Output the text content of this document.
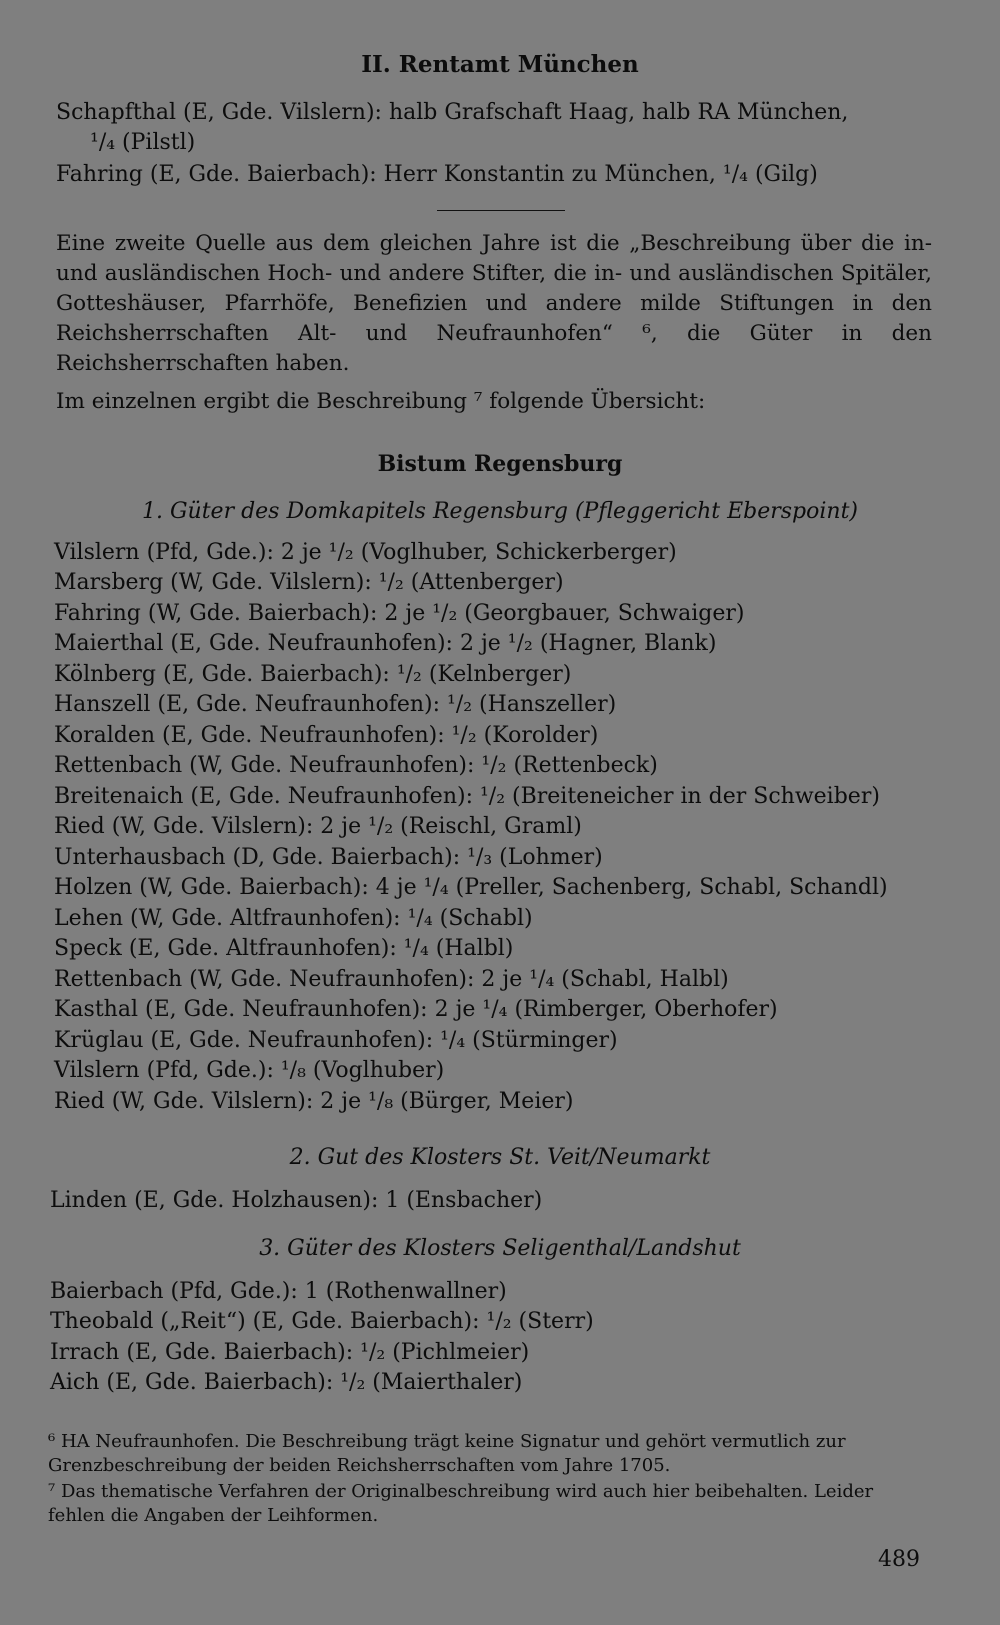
II. Rentamt München
Schapfthal (E, Gde. Vilslern): halb Grafschaft Haag, halb RA München,
¹/₄ (Pilstl)
Fahring (E, Gde. Baierbach): Herr Konstantin zu München, ¹/₄ (Gilg)
Eine zweite Quelle aus dem gleichen Jahre ist die „Beschreibung über die in- und ausländischen Hoch- und andere Stifter, die in- und ausländischen Spitäler, Gotteshäuser, Pfarrhöfe, Benefizien und andere milde Stiftungen in den Reichsherrschaften Alt- und Neufraunhofen“ ⁶, die Güter in den Reichsherrschaften haben.
Im einzelnen ergibt die Beschreibung ⁷ folgende Übersicht:
Bistum Regensburg
1. Güter des Domkapitels Regensburg (Pfleggericht Eberspoint)
Vilslern (Pfd, Gde.): 2 je ¹/₂ (Voglhuber, Schickerberger)
Marsberg (W, Gde. Vilslern): ¹/₂ (Attenberger)
Fahring (W, Gde. Baierbach): 2 je ¹/₂ (Georgbauer, Schwaiger)
Maierthal (E, Gde. Neufraunhofen): 2 je ¹/₂ (Hagner, Blank)
Kölnberg (E, Gde. Baierbach): ¹/₂ (Kelnberger)
Hanszell (E, Gde. Neufraunhofen): ¹/₂ (Hanszeller)
Koralden (E, Gde. Neufraunhofen): ¹/₂ (Korolder)
Rettenbach (W, Gde. Neufraunhofen): ¹/₂ (Rettenbeck)
Breitenaich (E, Gde. Neufraunhofen): ¹/₂ (Breiteneicher in der Schweiber)
Ried (W, Gde. Vilslern): 2 je ¹/₂ (Reischl, Graml)
Unterhausbach (D, Gde. Baierbach): ¹/₃ (Lohmer)
Holzen (W, Gde. Baierbach): 4 je ¹/₄ (Preller, Sachenberg, Schabl, Schandl)
Lehen (W, Gde. Altfraunhofen): ¹/₄ (Schabl)
Speck (E, Gde. Altfraunhofen): ¹/₄ (Halbl)
Rettenbach (W, Gde. Neufraunhofen): 2 je ¹/₄ (Schabl, Halbl)
Kasthal (E, Gde. Neufraunhofen): 2 je ¹/₄ (Rimberger, Oberhofer)
Krüglau (E, Gde. Neufraunhofen): ¹/₄ (Stürminger)
Vilslern (Pfd, Gde.): ¹/₈ (Voglhuber)
Ried (W, Gde. Vilslern): 2 je ¹/₈ (Bürger, Meier)
2. Gut des Klosters St. Veit/Neumarkt
Linden (E, Gde. Holzhausen): 1 (Ensbacher)
3. Güter des Klosters Seligenthal/Landshut
Baierbach (Pfd, Gde.): 1 (Rothenwallner)
Theobald („Reit“) (E, Gde. Baierbach): ¹/₂ (Sterr)
Irrach (E, Gde. Baierbach): ¹/₂ (Pichlmeier)
Aich (E, Gde. Baierbach): ¹/₂ (Maierthaler)
⁶ HA Neufraunhofen. Die Beschreibung trägt keine Signatur und gehört vermutlich zur Grenzbeschreibung der beiden Reichsherrschaften vom Jahre 1705.
⁷ Das thematische Verfahren der Originalbeschreibung wird auch hier beibehalten. Leider fehlen die Angaben der Leihformen.
489
